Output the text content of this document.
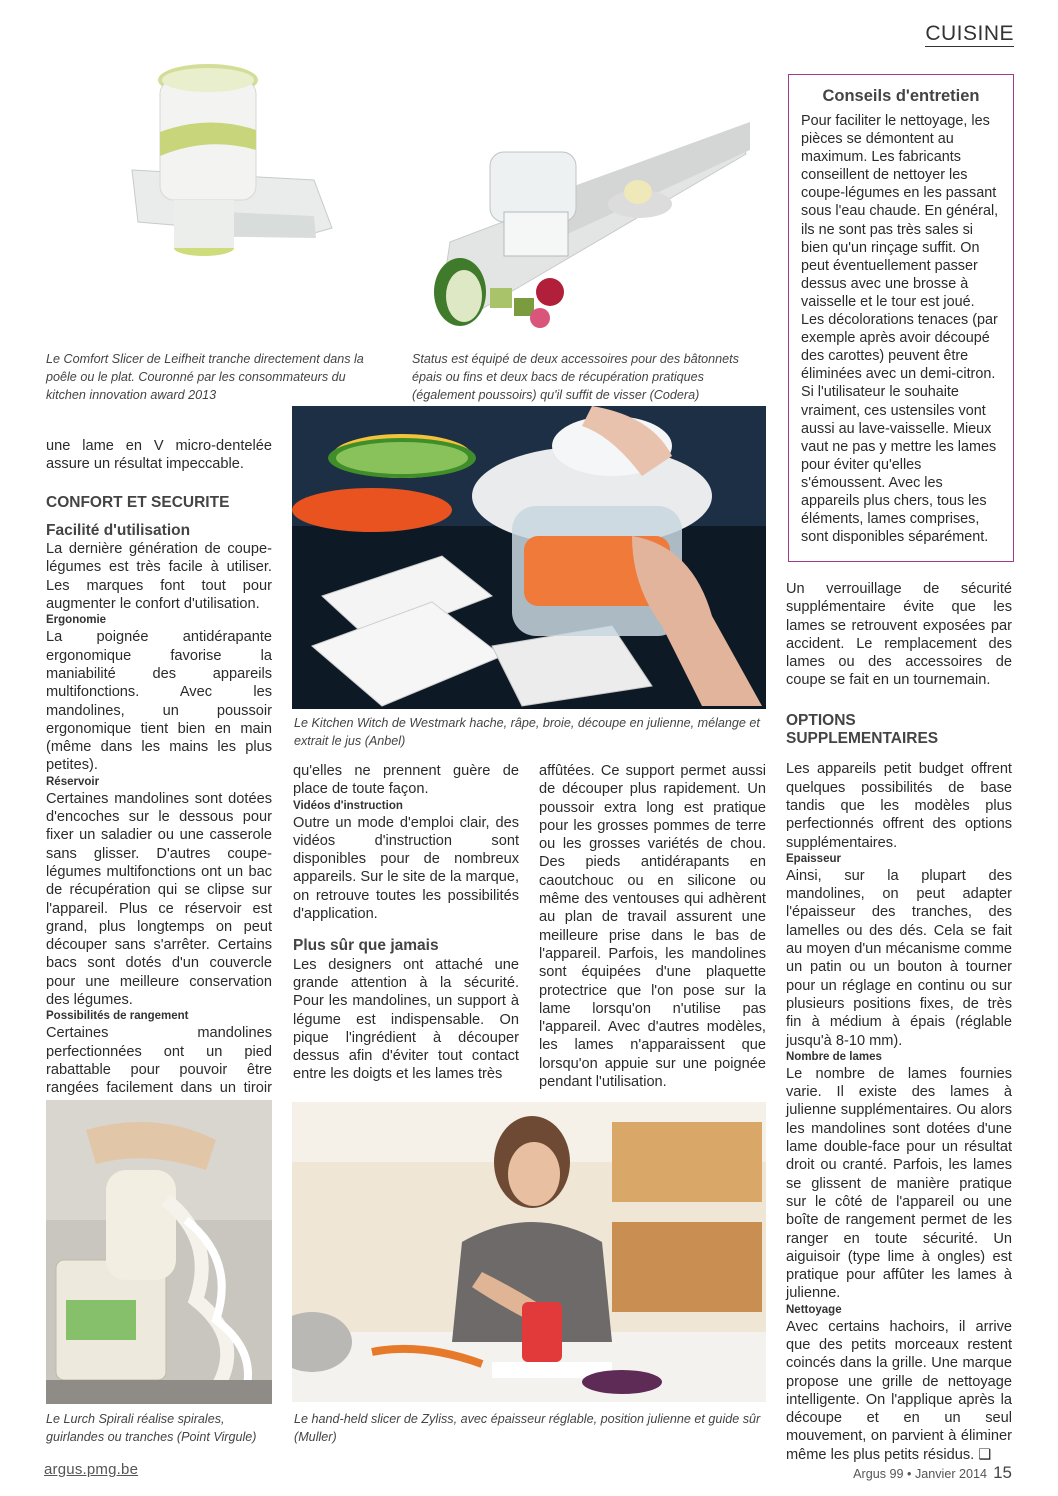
CUISINE
Le Comfort Slicer de Leifheit tranche directement dans la poêle ou le plat. Couronné par les consommateurs du kitchen innovation award 2013
Status est équipé de deux accessoires pour des bâtonnets épais ou fins et deux bacs de récupération pratiques (également poussoirs) qu'il suffit de visser (Codera)
Le Kitchen Witch de Westmark hache, râpe, broie, découpe en julienne, mélange et extrait le jus (Anbel)

une lame en V micro-dentelée assure un résultat impeccable.

CONFORT ET SECURITE

Facilité d'utilisation

La dernière génération de coupe-légumes est très facile à utiliser. Les marques font tout pour augmenter le confort d'utilisation.

Ergonomie

La poignée antidérapante ergonomique favorise la maniabilité des appareils multifonctions. Avec les mandolines, un poussoir ergonomique tient bien en main (même dans les mains les plus petites).

Réservoir

Certaines mandolines sont dotées d'encoches sur le dessous pour fixer un saladier ou une casserole sans glisser. D'autres coupe-légumes multifonctions ont un bac de récupération qui se clipse sur l'appareil. Plus ce réservoir est grand, plus longtemps on peut découper sans s'arrêter. Certains bacs sont dotés d'un couvercle pour une meilleure conservation des légumes.

Possibilités de rangement

Certaines mandolines perfectionnées ont un pied rabattable pour pouvoir être rangées facilement dans un tiroir

qu'elles ne prennent guère de place de toute façon.

Vidéos d'instruction

Outre un mode d'emploi clair, des vidéos d'instruction sont disponibles pour de nombreux appareils. Sur le site de la marque, on retrouve toutes les possibilités d'application.

Plus sûr que jamais

Les designers ont attaché une grande attention à la sécurité. Pour les mandolines, un support à légume est indispensable. On pique l'ingrédient à découper dessus afin d'éviter tout contact entre les doigts et les lames très

affûtées. Ce support permet aussi de découper plus rapidement. Un poussoir extra long est pratique pour les grosses pommes de terre ou les grosses variétés de chou. Des pieds antidérapants en caoutchouc ou en silicone ou même des ventouses qui adhèrent au plan de travail assurent une meilleure prise dans le bas de l'appareil. Parfois, les mandolines sont équipées d'une plaquette protectrice que l'on pose sur la lame lorsqu'on n'utilise pas l'appareil. Avec d'autres modèles, les lames n'apparaissent que lorsqu'on appuie sur une poignée pendant l'utilisation.

Conseils d'entretien

Pour faciliter le nettoyage, les pièces se démontent au maximum. Les fabricants conseillent de nettoyer les coupe-légumes en les passant sous l'eau chaude. En général, ils ne sont pas très sales si bien qu'un rinçage suffit. On peut éventuellement passer dessus avec une brosse à vaisselle et le tour est joué. Les décolorations tenaces (par exemple après avoir découpé des carottes) peuvent être éliminées avec un demi-citron. Si l'utilisateur le souhaite vraiment, ces ustensiles vont aussi au lave-vaisselle. Mieux vaut ne pas y mettre les lames pour éviter qu'elles s'émoussent. Avec les appareils plus chers, tous les éléments, lames comprises, sont disponibles séparément.

Un verrouillage de sécurité supplémentaire évite que les lames se retrouvent exposées par accident. Le remplacement des lames ou des accessoires de coupe se fait en un tournemain.

OPTIONS SUPPLEMENTAIRES

Les appareils petit budget offrent quelques possibilités de base tandis que les modèles plus perfectionnés offrent des options supplémentaires.

Epaisseur

Ainsi, sur la plupart des mandolines, on peut adapter l'épaisseur des tranches, des lamelles ou des dés. Cela se fait au moyen d'un mécanisme comme un patin ou un bouton à tourner pour un réglage en continu ou sur plusieurs positions fixes, de très fin à médium à épais (réglable jusqu'à 8-10 mm).

Nombre de lames

Le nombre de lames fournies varie. Il existe des lames à julienne supplémentaires. Ou alors les mandolines sont dotées d'une lame double-face pour un résultat droit ou cranté. Parfois, les lames se glissent de manière pratique sur le côté de l'appareil ou une boîte de rangement permet de les ranger en toute sécurité. Un aiguisoir (type lime à ongles) est pratique pour affûter les lames à julienne.

Nettoyage

Avec certains hachoirs, il arrive que des petits morceaux restent coincés dans la grille. Une marque propose une grille de nettoyage intelligente. On l'applique après la découpe et en un seul mouvement, on parvient à éliminer même les plus petits résidus. ❑

Le Lurch Spirali réalise spirales, guirlandes ou tranches (Point Virgule)
Le hand-held slicer de Zyliss, avec épaisseur réglable, position julienne et guide sûr (Muller)
argus.pmg.be	Argus 99 • Janvier 2014 15
